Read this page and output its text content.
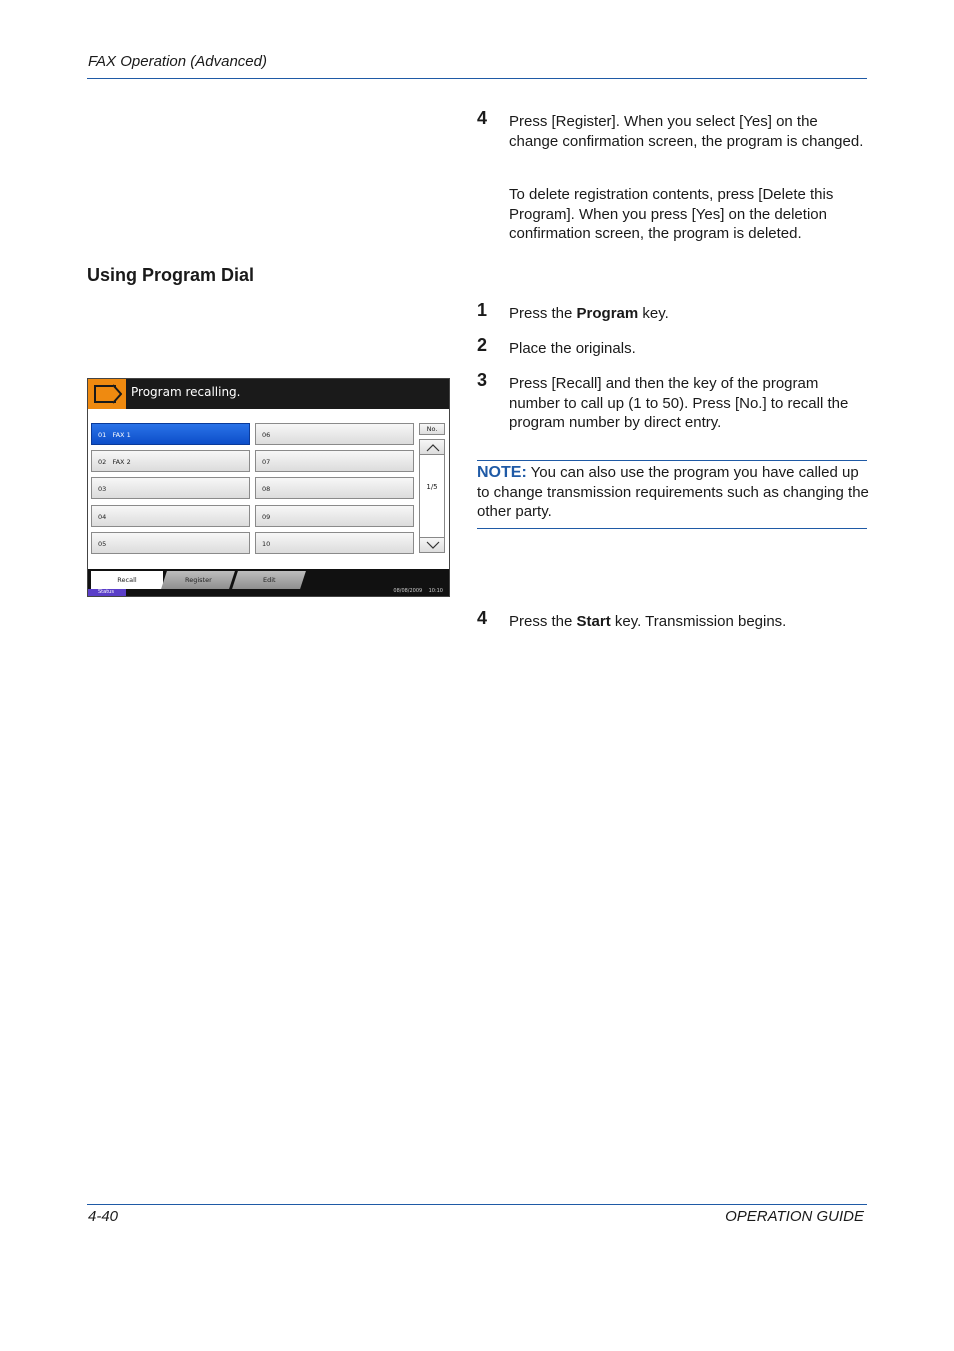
FAX Operation (Advanced)
4 Press [Register]. When you select [Yes] on the change confirmation screen, the program is changed.
To delete registration contents, press [Delete this Program]. When you press [Yes] on the deletion confirmation screen, the program is deleted.
Using Program Dial
1 Press the Program key.
2 Place the originals.
3 Press [Recall] and then the key of the program number to call up (1 to 50). Press [No.] to recall the program number by direct entry.
NOTE: You can also use the program you have called up to change transmission requirements such as changing the other party.
4 Press the Start key. Transmission begins.
Program recalling.
01   FAX 1
02   FAX 2
03
04
05
06
07
08
09
10
No.
1/5
Recall	Register	Edit
Status	08/08/2009 10:10
4-40	OPERATION GUIDE
